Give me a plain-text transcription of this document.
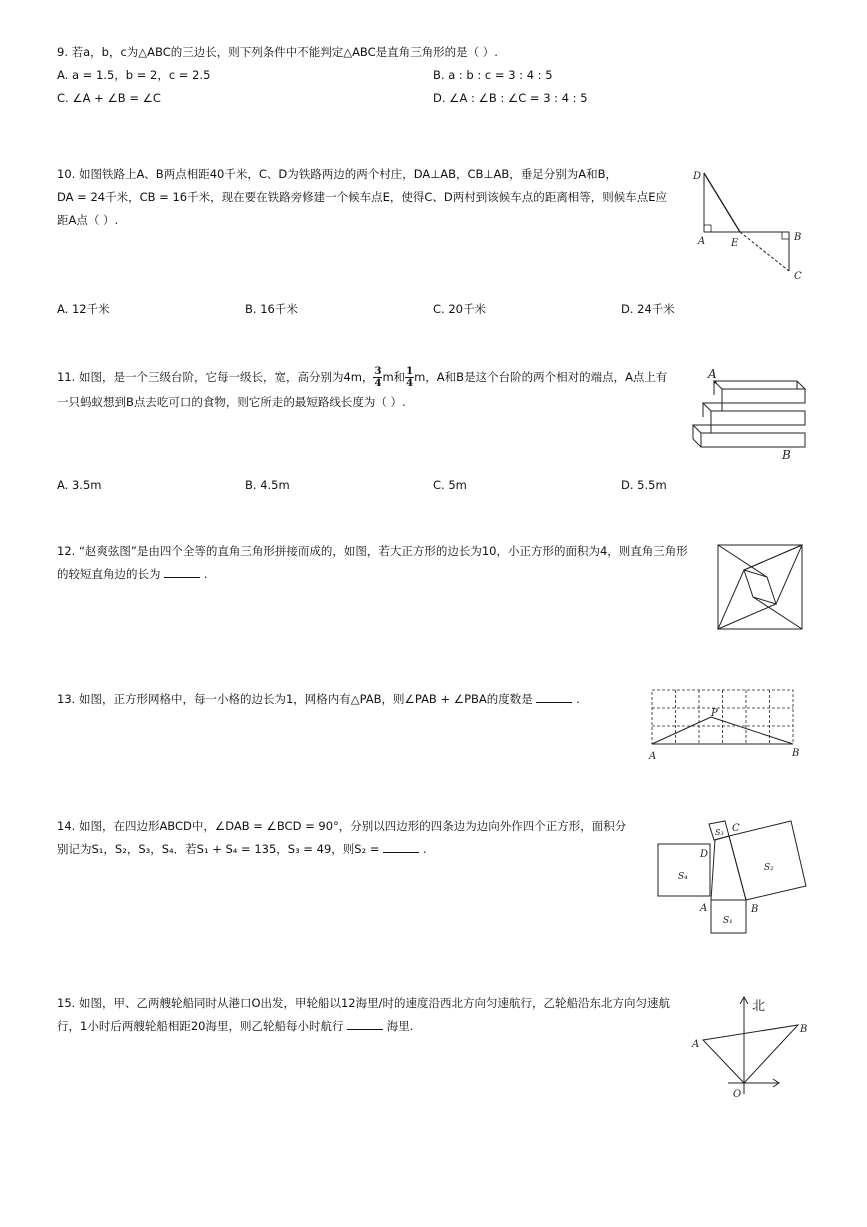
9. 若a，b，c为△ABC的三边长，则下列条件中不能判定△ABC是直角三角形的是（ ）.
A. a = 1.5，b = 2，c = 2.5	B. a : b : c = 3 : 4 : 5
C. ∠A + ∠B = ∠C	D. ∠A : ∠B : ∠C = 3 : 4 : 5
10. 如图铁路上A、B两点相距40千米，C、D为铁路两边的两个村庄，DA⊥AB，CB⊥AB，垂足分别为A和B，
DA = 24千米，CB = 16千米，现在要在铁路旁修建一个候车点E，使得C、D两村到该候车点的距离相等，则候车点E应
距A点（ ）.
A. 12千米	B. 16千米	C. 20千米	D. 24千米
D
A	E
B
C
11. 如图，是一个三级台阶，它每一级长，宽，高分别为4m， $\frac{3}{4}$ m和 $\frac{1}{4}$ m，A和B是这个台阶的两个相对的端点，A点上有
一只蚂蚁想到B点去吃可口的食物，则它所走的最短路线长度为（ ）.
A. 3.5m	B. 4.5m	C. 5m	D. 5.5m
A
B
12. “赵爽弦图”是由四个全等的直角三角形拼接而成的，如图，若大正方形的边长为10，小正方形的面积为4，则直角三角形
的较短直角边的长为	.
13. 如图，正方形网格中，每一小格的边长为1，网格内有△PAB，则∠PAB + ∠PBA的度数是	.
P
A	B
14. 如图，在四边形ABCD中，∠DAB = ∠BCD = 90°，分别以四边形的四条边为边向外作四个正方形，面积分
别记为S₁，S₂，S₃，S₄．若S₁ + S₄ = 135，S₃ = 49，则S₂ =	.
S₃ C
D
S₂
S₄
A	B
S₁
15. 如图，甲、乙两艘轮船同时从港口O出发，甲轮船以12海里/时的速度沿西北方向匀速航行，乙轮船沿东北方向匀速航
行，1小时后两艘轮船相距20海里，则乙轮船每小时航行	海里.
北
A
B
O
